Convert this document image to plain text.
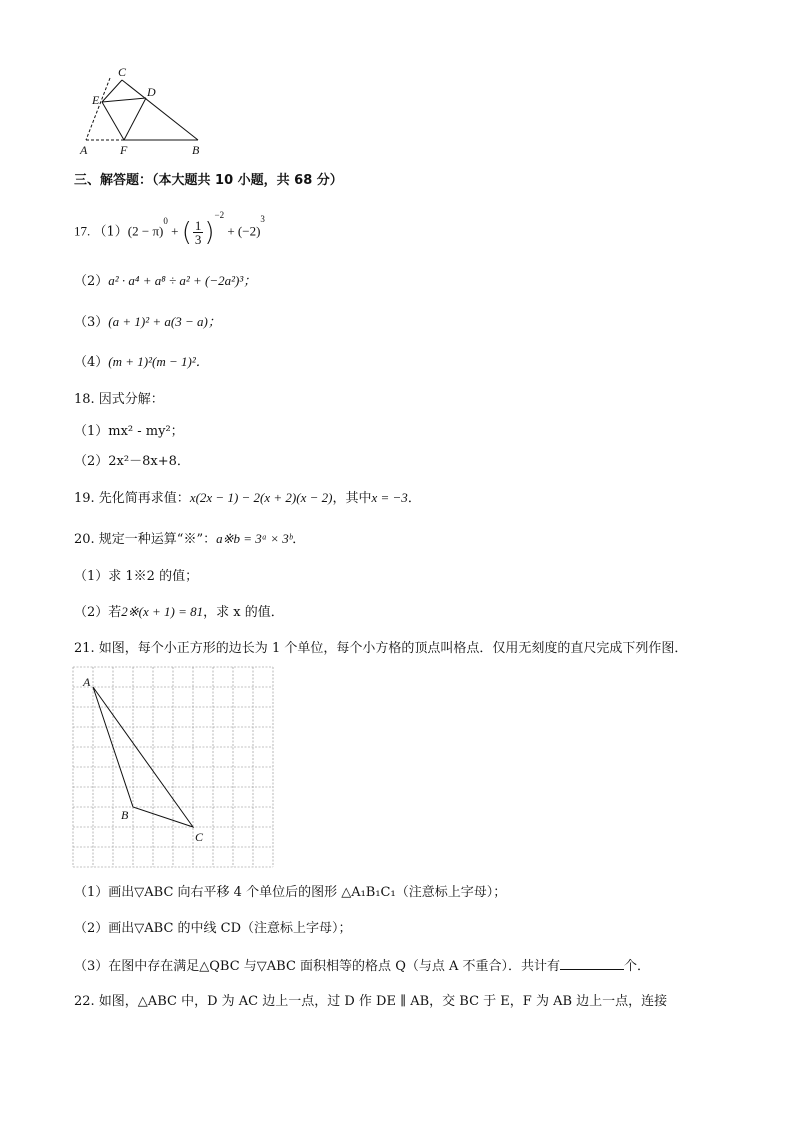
C
D
E
A	F	B
三、解答题：（本大题共 10 小题，共 68 分）
17. $(1)(2 - \pi)^0$ + ( $\frac{1}{3} )^{-2} + (-2)^3$
（2）a² · a⁴ + a⁸ ÷ a² + (−2a²)³；
（3）(a + 1)² + a(3 − a)；
（4）(m + 1)²(m − 1)²．
18. 因式分解：
（1）mx² - my²；
（2）2x²－8x+8．
19. 先化简再求值：x(2x − 1) − 2(x + 2)(x − 2)，其中x = −3．
20. 规定一种运算“※”：a※b = 3ᵃ × 3ᵇ．
（1）求 1※2 的值；
（2）若2※(x + 1) = 81，求 x 的值．
21. 如图，每个小正方形的边长为 1 个单位，每个小方格的顶点叫格点．仅用无刻度的直尺完成下列作图．
A
B
C
（1）画出▽ABC 向右平移 4 个单位后的图形 △A₁B₁C₁（注意标上字母）；
（2）画出▽ABC 的中线 CD（注意标上字母）；
（3）在图中存在满足△QBC 与▽ABC 面积相等的格点 Q（与点 A 不重合）．共计有	个．
22. 如图，△ABC 中，D 为 AC 边上一点，过 D 作 DE ∥ AB，交 BC 于 E，F 为 AB 边上一点，连接
